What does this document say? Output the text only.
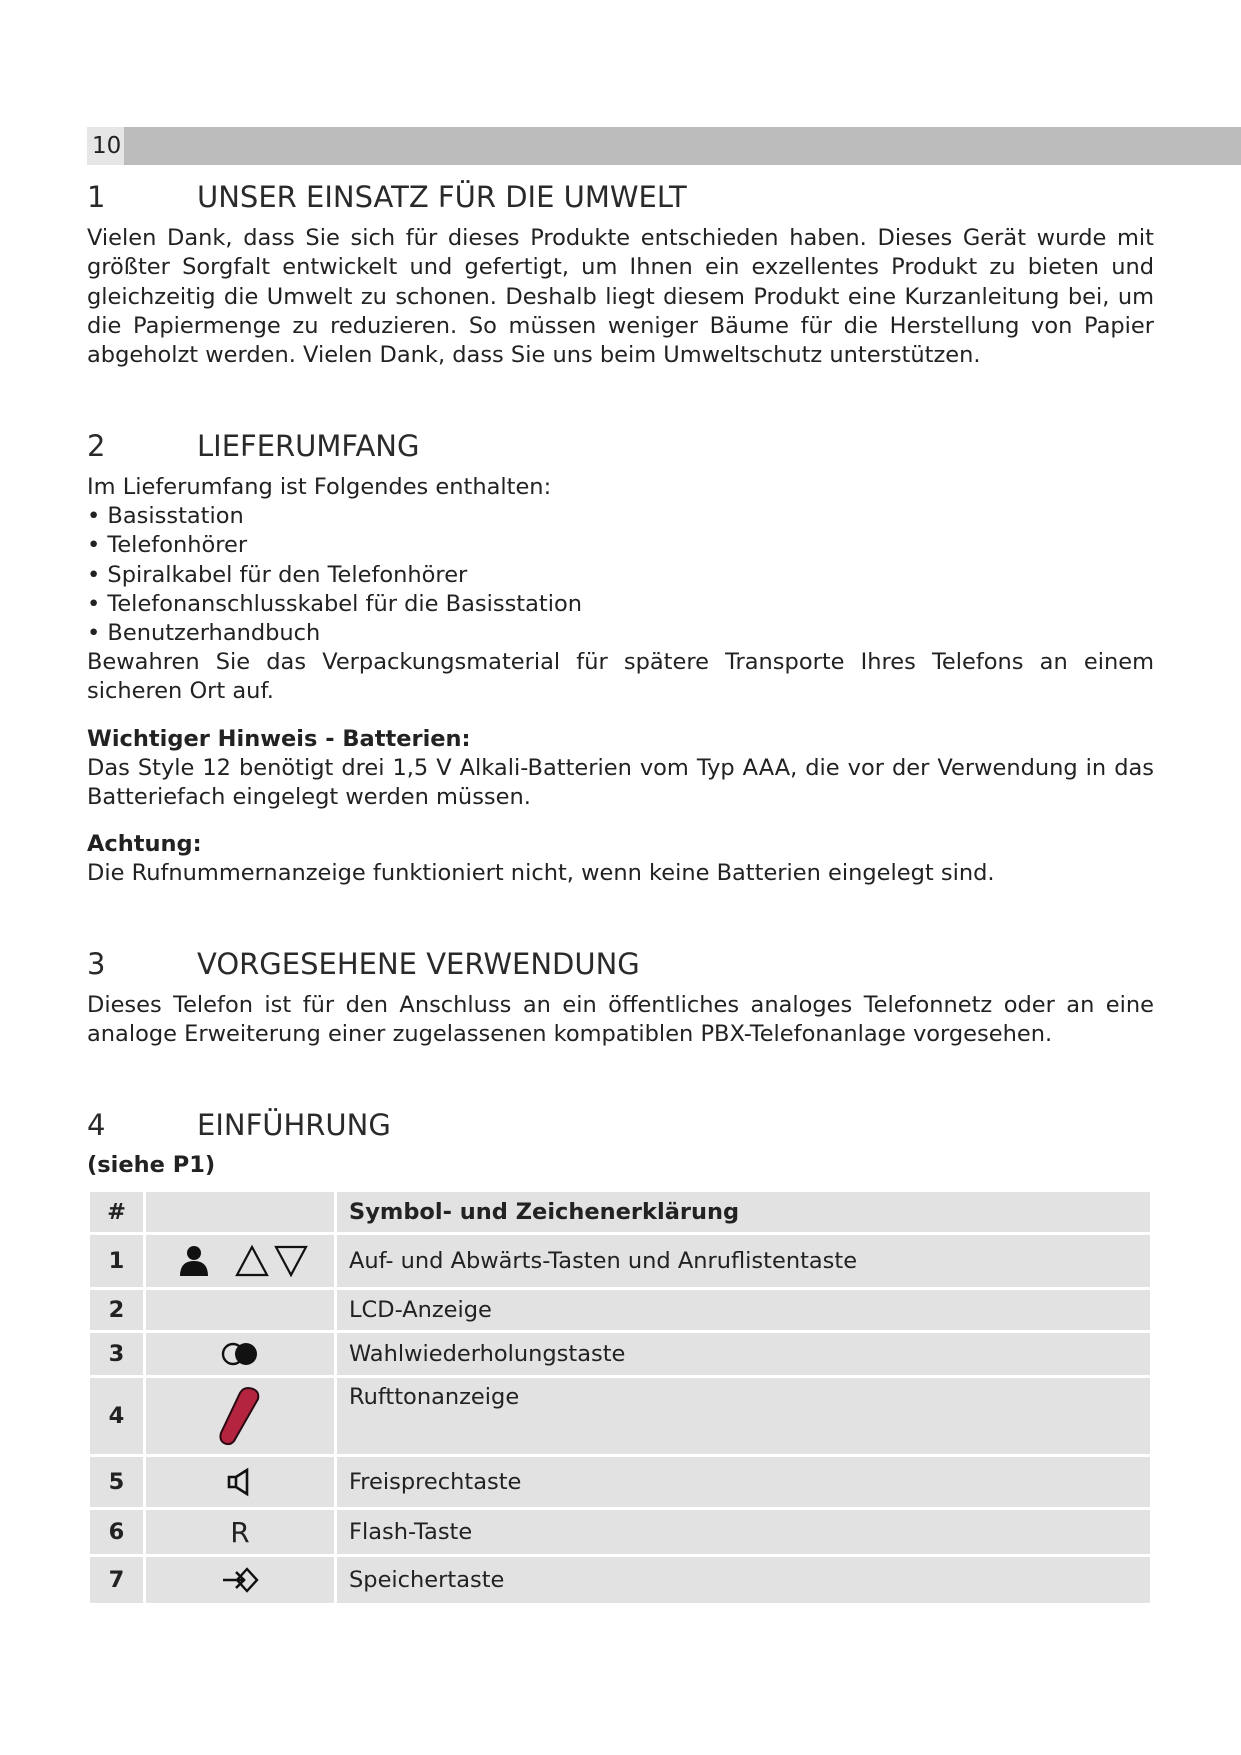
10
1	UNSER EINSATZ FÜR DIE UMWELT

Vielen Dank, dass Sie sich für dieses Produkte entschieden haben. Dieses Gerät wurde mit größter Sorgfalt entwickelt und gefertigt, um Ihnen ein exzellentes Produkt zu bieten und gleichzeitig die Umwelt zu schonen. Deshalb liegt diesem Produkt eine Kurzanleitung bei, um die Papiermenge zu reduzieren. So müssen weniger Bäume für die Herstellung von Papier abgeholzt werden. Vielen Dank, dass Sie uns beim Umweltschutz unterstützen.

2	LIEFERUMFANG
Im Lieferumfang ist Folgendes enthalten:
• Basisstation
• Telefonhörer
• Spiralkabel für den Telefonhörer
• Telefonanschlusskabel für die Basisstation
• Benutzerhandbuch

Bewahren Sie das Verpackungsmaterial für spätere Transporte Ihres Telefons an einem sicheren Ort auf.

Wichtiger Hinweis - Batterien:

Das Style 12 benötigt drei 1,5 V Alkali-Batterien vom Typ AAA, die vor der Verwendung in das Batteriefach eingelegt werden müssen.

Achtung:
Die Rufnummernanzeige funktioniert nicht, wenn keine Batterien eingelegt sind.
3	VORGESEHENE VERWENDUNG

Dieses Telefon ist für den Anschluss an ein öffentliches analoges Telefonnetz oder an eine analoge Erweiterung einer zugelassenen kompatiblen PBX-Telefonanlage vorgesehen.

4	EINFÜHRUNG
(siehe P1)
#		Symbol- und Zeichenerklärung
1		Auf- und Abwärts-Tasten und Anruflistentaste
2		LCD-Anzeige
3		Wahlwiederholungstaste
4		Rufttonanzeige
5		Freisprechtaste
6	R	Flash-Taste
7		Speichertaste
